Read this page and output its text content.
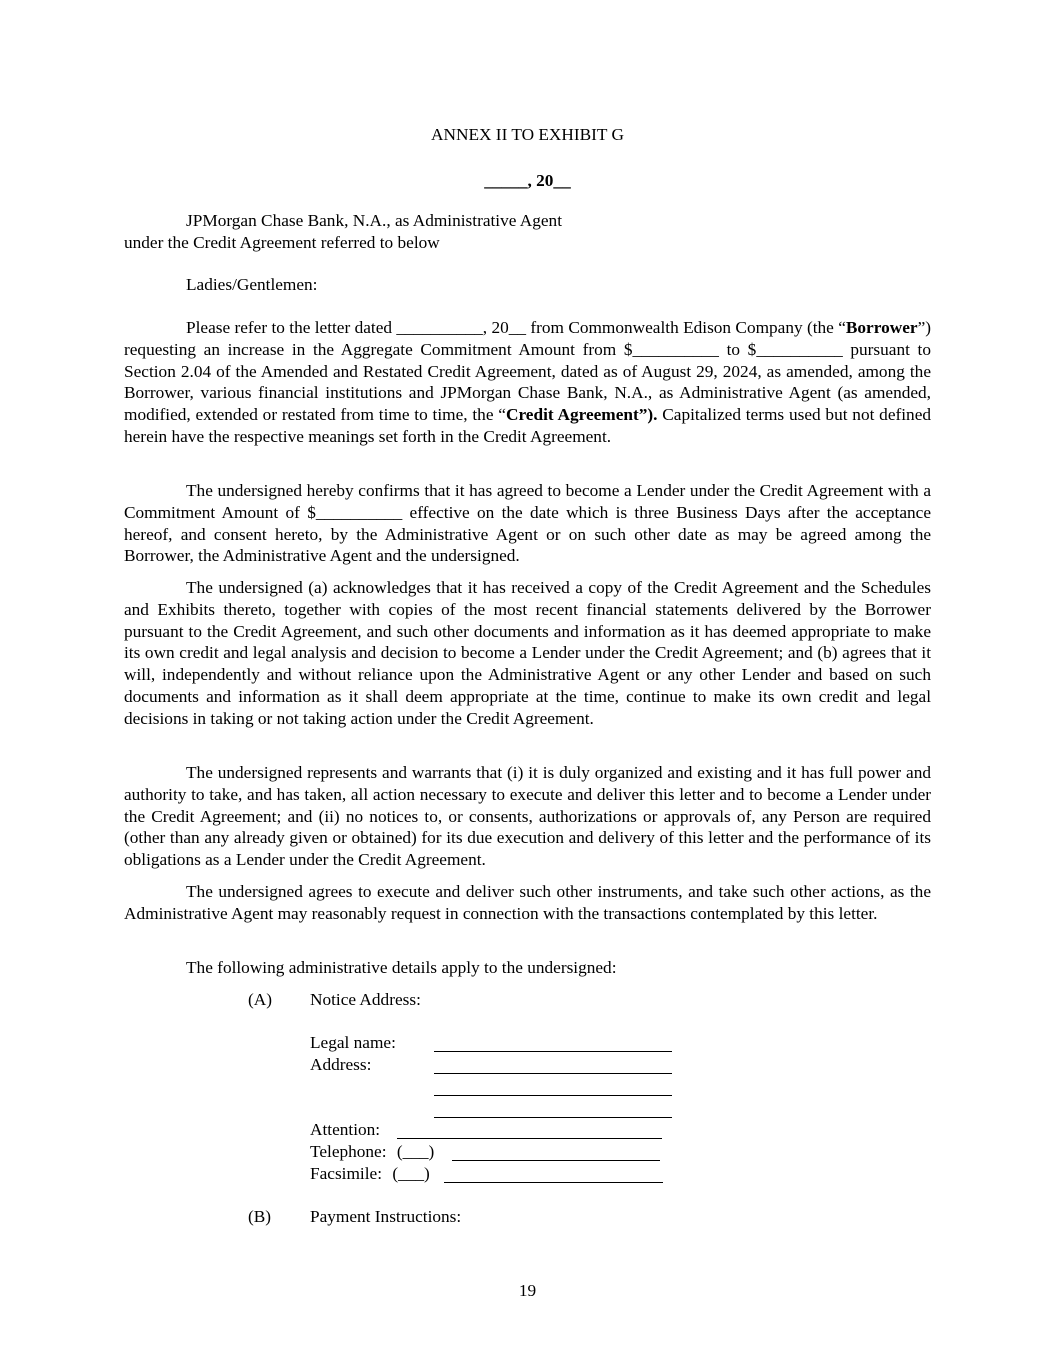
ANNEX II TO EXHIBIT G
_____, 20__
JPMorgan Chase Bank, N.A., as Administrative Agent
under the Credit Agreement referred to below
Ladies/Gentlemen:

Please refer to the letter dated __________, 20__ from Commonwealth Edison Company (the “Borrower”) requesting an increase in the Aggregate Commitment Amount from $__________ to $__________ pursuant to Section 2.04 of the Amended and Restated Credit Agreement, dated as of August 29, 2024, as amended, among the Borrower, various financial institutions and JPMorgan Chase Bank, N.A., as Administrative Agent (as amended, modified, extended or restated from time to time, the “Credit Agreement”). Capitalized terms used but not defined herein have the respective meanings set forth in the Credit Agreement.

The undersigned hereby confirms that it has agreed to become a Lender under the Credit Agreement with a Commitment Amount of $__________ effective on the date which is three Business Days after the acceptance hereof, and consent hereto, by the Administrative Agent or on such other date as may be agreed among the Borrower, the Administrative Agent and the undersigned.

The undersigned (a) acknowledges that it has received a copy of the Credit Agreement and the Schedules and Exhibits thereto, together with copies of the most recent financial statements delivered by the Borrower pursuant to the Credit Agreement, and such other documents and information as it has deemed appropriate to make its own credit and legal analysis and decision to become a Lender under the Credit Agreement; and (b) agrees that it will, independently and without reliance upon the Administrative Agent or any other Lender and based on such documents and information as it shall deem appropriate at the time, continue to make its own credit and legal decisions in taking or not taking action under the Credit Agreement.

The undersigned represents and warrants that (i) it is duly organized and existing and it has full power and authority to take, and has taken, all action necessary to execute and deliver this letter and to become a Lender under the Credit Agreement; and (ii) no notices to, or consents, authorizations or approvals of, any Person are required (other than any already given or obtained) for its due execution and delivery of this letter and the performance of its obligations as a Lender under the Credit Agreement.

The undersigned agrees to execute and deliver such other instruments, and take such other actions, as the Administrative Agent may reasonably request in connection with the transactions contemplated by this letter.

The following administrative details apply to the undersigned:

(A) Notice Address:
Legal name:
Address:
Attention:
Telephone: (___)
Facsimile: (___)
(B) Payment Instructions:
19
